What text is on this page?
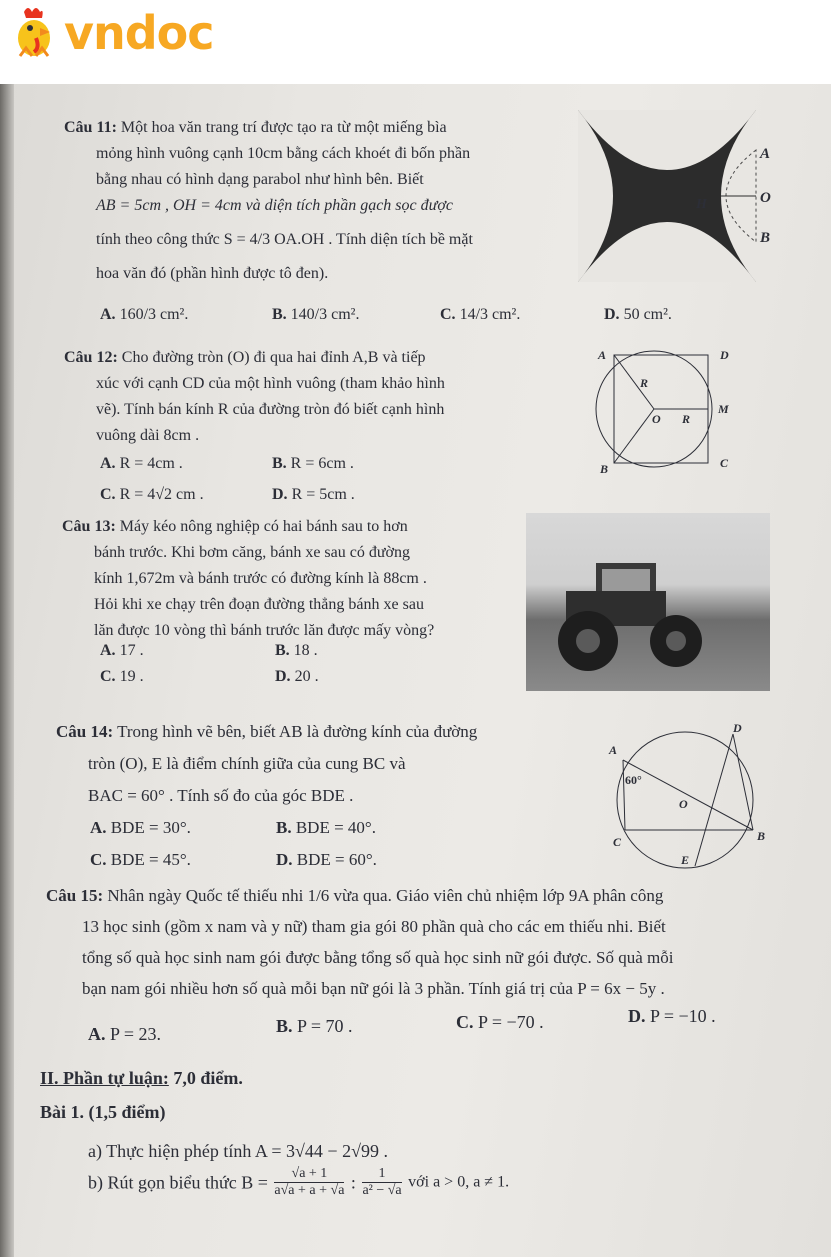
vndoc

Câu 11: Một hoa văn trang trí được tạo ra từ một miếng bìa

mỏng hình vuông cạnh 10cm bằng cách khoét đi bốn phần

bằng nhau có hình dạng parabol như hình bên. Biết

AB = 5cm , OH = 4cm và diện tích phần gạch sọc được

tính theo công thức S = 4/3 OA.OH . Tính diện tích bề mặt

hoa văn đó (phần hình được tô đen).

A
O
B
H
A. 160/3 cm².	B. 140/3 cm².	C. 14/3 cm².	D. 50 cm².

Câu 12: Cho đường tròn (O) đi qua hai đỉnh A,B và tiếp

xúc với cạnh CD của một hình vuông (tham khảo hình

vẽ). Tính bán kính R của đường tròn đó biết cạnh hình

vuông dài 8cm .

A	D
R
O R
M
B	C
A. R = 4cm .	B. R = 6cm .
C. R = 4√2 cm .	D. R = 5cm .

Câu 13: Máy kéo nông nghiệp có hai bánh sau to hơn

bánh trước. Khi bơm căng, bánh xe sau có đường

kính 1,672m và bánh trước có đường kính là 88cm .

Hỏi khi xe chạy trên đoạn đường thẳng bánh xe sau

lăn được 10 vòng thì bánh trước lăn được mấy vòng?

A. 17 .	B. 18 .
C. 19 .	D. 20 .

Câu 14: Trong hình vẽ bên, biết AB là đường kính của đường

tròn (O), E là điểm chính giữa của cung BC và

BAC = 60° . Tính số đo của góc BDE .

A
D
60°
O
B
C
E
A. BDE = 30°.	B. BDE = 40°.
C. BDE = 45°.	D. BDE = 60°.

Câu 15: Nhân ngày Quốc tế thiếu nhi 1/6 vừa qua. Giáo viên chủ nhiệm lớp 9A phân công

13 học sinh (gồm x nam và y nữ) tham gia gói 80 phần quà cho các em thiếu nhi. Biết

tổng số quà học sinh nam gói được bằng tổng số quà học sinh nữ gói được. Số quà mỗi

bạn nam gói nhiều hơn số quà mỗi bạn nữ gói là 3 phần. Tính giá trị của P = 6x − 5y .

A. P = 23.	B. P = 70 .	C. P = −70 .	D. P = −10 .
II. Phần tự luận: 7,0 điểm.
Bài 1. (1,5 điểm)
a) Thực hiện phép tính A = 3√44 − 2√99 .
b) Rút gọn biểu thức $B = \frac{√a + 1}{a√a + a + √a}$ : $\frac{1}{\text{a² − √a}}$ với a > 0, a ≠ 1.
